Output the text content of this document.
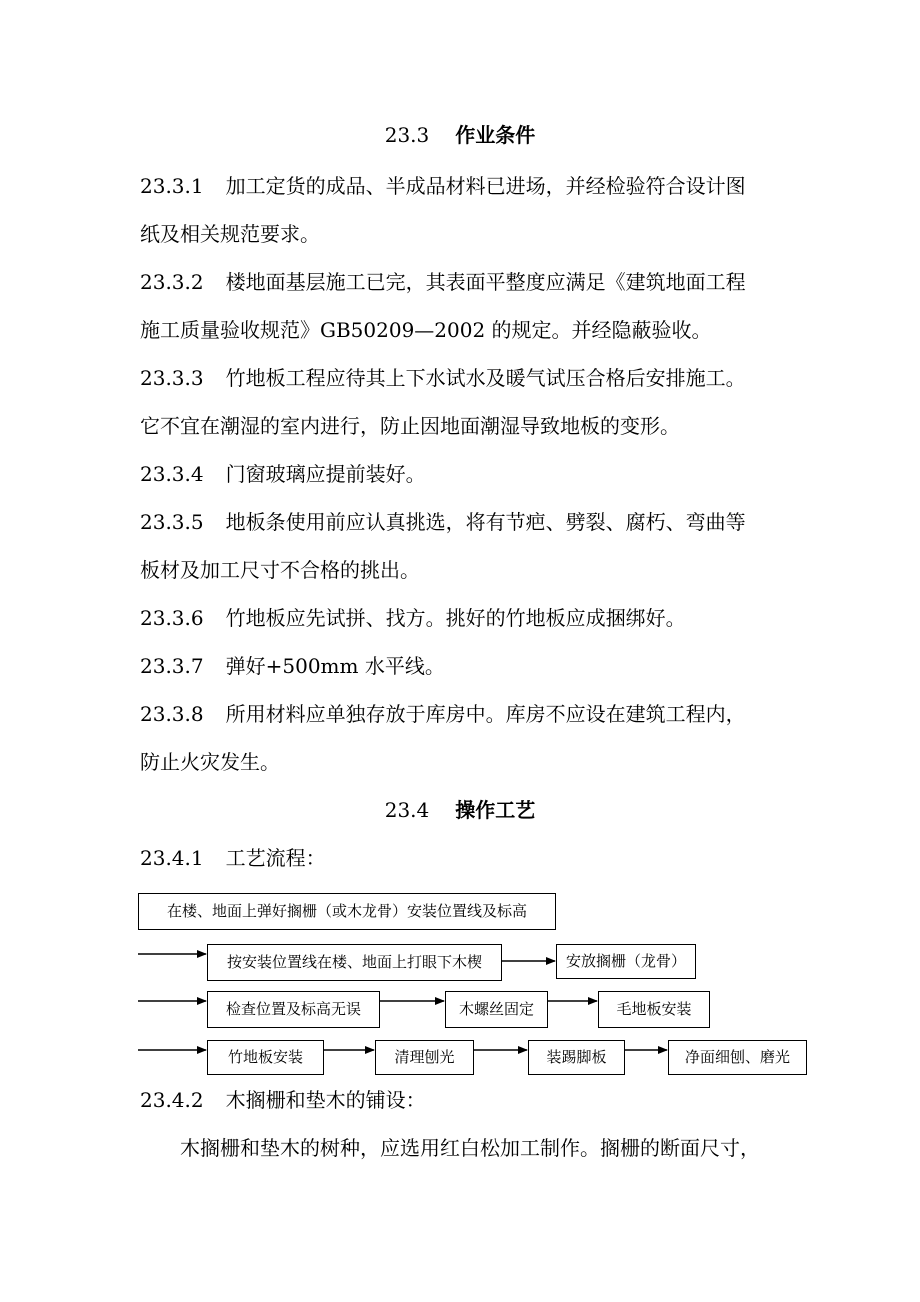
23.3 作业条件
23.3.1 加工定货的成品、半成品材料已进场，并经检验符合设计图
纸及相关规范要求。
23.3.2 楼地面基层施工已完，其表面平整度应满足《建筑地面工程
施工质量验收规范》GB50209—2002 的规定。并经隐蔽验收。
23.3.3 竹地板工程应待其上下水试水及暖气试压合格后安排施工。
它不宜在潮湿的室内进行，防止因地面潮湿导致地板的变形。
23.3.4 门窗玻璃应提前装好。
23.3.5 地板条使用前应认真挑选，将有节疤、劈裂、腐朽、弯曲等
板材及加工尺寸不合格的挑出。
23.3.6 竹地板应先试拼、找方。挑好的竹地板应成捆绑好。
23.3.7 弹好+500mm 水平线。
23.3.8 所用材料应单独存放于库房中。库房不应设在建筑工程内，
防止火灾发生。
23.4 操作工艺
23.4.1 工艺流程：
在楼、地面上弹好搁栅（或木龙骨）安装位置线及标高
按安装位置线在楼、地面上打眼下木楔	安放搁栅（龙骨）
检查位置及标高无误	木螺丝固定	毛地板安装
竹地板安装	清理刨光	装踢脚板	净面细刨、磨光
23.4.2 木搁栅和垫木的铺设：
木搁栅和垫木的树种，应选用红白松加工制作。搁栅的断面尺寸，
